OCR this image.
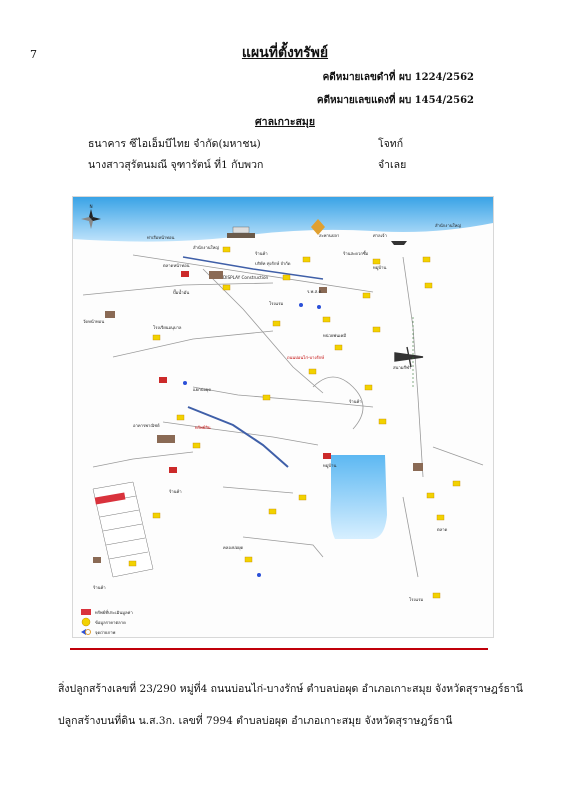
7	แผนที่ตั้งทรัพย์
คดีหมายเลขดำที่ ผบ 1224/2562
คดีหมายเลขแดงที่ ผบ 1454/2562
ศาลเกาะสมุย
ธนาคาร ซีไอเอ็มบีไทย จำกัด(มหาชน)	โจทก์
นางสาวสุรัตนมณี จุฑารัตน์ ที่1 กับพวก	จำเลย
N
ท่าเรือหน้าทอน
สำนักงานใหญ่
ร้านค้า
สะพานปลา	ศาลเจ้า
สำนักงานใหญ่
ร้านสะดวกซื้อ
ตลาดหน้าทอน	บริษัท ทุ่งรักษ์ จำกัด
หมู่บ้าน
DISPLAY Construction
ปั๊มน้ำมัน
โรงแรม
ร.พ.ส.ต.
วัดหน้าทอน
โรงเรียนอนุบาล
หน่วยพ่นเคมี
ถนนบ่อนไก่-บางรักษ์
สนามกีฬา
แยกบ่อผุด
ร้านค้า
ทรัพย์สิน
อาคารพาณิชย์
หมู่บ้าน
ร้านค้า
ร้านค้า
คลองบ่อผุด
ตลาด
โรงแรม
ทรัพย์ที่ประเมินมูลค่า
ข้อมูลราคาตลาด
จุดถ่ายภาพ
สิ่งปลูกสร้างเลขที่ 23/290 หมู่ที่4 ถนนบ่อนไก่-บางรักษ์ ตำบลบ่อผุด อำเภอเกาะสมุย จังหวัดสุราษฎร์ธานี
ปลูกสร้างบนที่ดิน น.ส.3ก. เลขที่ 7994 ตำบลบ่อผุด อำเภอเกาะสมุย จังหวัดสุราษฎร์ธานี
